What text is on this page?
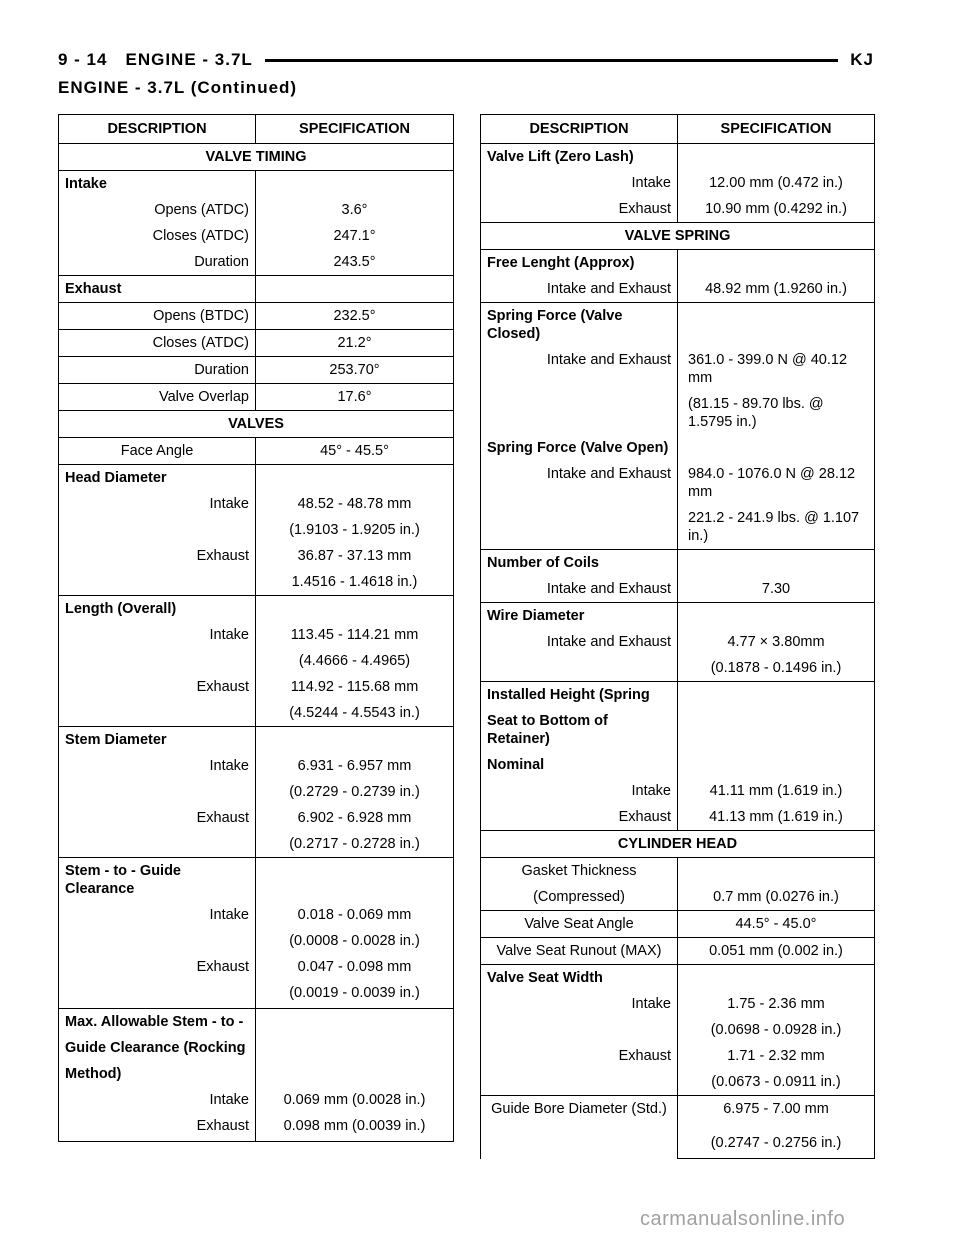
9 - 14 ENGINE - 3.7L	KJ
ENGINE - 3.7L (Continued)
DESCRIPTION	SPECIFICATION
VALVE TIMING	
Intake	
Opens (ATDC)	3.6°
Closes (ATDC)	247.1°
Duration	243.5°
Exhaust	
Opens (BTDC)	232.5°
Closes (ATDC)	21.2°
Duration	253.70°
Valve Overlap	17.6°
VALVES	
Face Angle	45° - 45.5°
Head Diameter	
Intake	48.52 - 48.78 mm
	(1.9103 - 1.9205 in.)
Exhaust	36.87 - 37.13 mm
	1.4516 - 1.4618 in.)
Length (Overall)	
Intake	113.45 - 114.21 mm
	(4.4666 - 4.4965)
Exhaust	114.92 - 115.68 mm
	(4.5244 - 4.5543 in.)
Stem Diameter	
Intake	6.931 - 6.957 mm
	(0.2729 - 0.2739 in.)
Exhaust	6.902 - 6.928 mm
	(0.2717 - 0.2728 in.)
Stem - to - Guide Clearance	
Intake	0.018 - 0.069 mm
	(0.0008 - 0.0028 in.)
Exhaust	0.047 - 0.098 mm
	(0.0019 - 0.0039 in.)
Max. Allowable Stem - to -	
Guide Clearance (Rocking	
Method)	
Intake	0.069 mm (0.0028 in.)
Exhaust	0.098 mm (0.0039 in.)
DESCRIPTION	SPECIFICATION
Valve Lift (Zero Lash)	
Intake	12.00 mm (0.472 in.)
Exhaust	10.90 mm (0.4292 in.)
VALVE SPRING	
Free Lenght (Approx)	
Intake and Exhaust	48.92 mm (1.9260 in.)
Spring Force (Valve Closed)	
Intake and Exhaust	361.0 - 399.0 N @ 40.12 mm
	(81.15 - 89.70 lbs. @ 1.5795 in.)
Spring Force (Valve Open)	
Intake and Exhaust	984.0 - 1076.0 N @ 28.12 mm
	221.2 - 241.9 lbs. @ 1.107 in.)
Number of Coils	
Intake and Exhaust	7.30
Wire Diameter	
Intake and Exhaust	4.77 × 3.80mm
	(0.1878 - 0.1496 in.)
Installed Height (Spring	
Seat to Bottom of Retainer)	
Nominal	
Intake	41.11 mm (1.619 in.)
Exhaust	41.13 mm (1.619 in.)
CYLINDER HEAD	
Gasket Thickness	
(Compressed)	0.7 mm (0.0276 in.)
Valve Seat Angle	44.5° - 45.0°
Valve Seat Runout (MAX)	0.051 mm (0.002 in.)
Valve Seat Width	
Intake	1.75 - 2.36 mm
	(0.0698 - 0.0928 in.)
Exhaust	1.71 - 2.32 mm
	(0.0673 - 0.0911 in.)
Guide Bore Diameter (Std.)	6.975 - 7.00 mm
	(0.2747 - 0.2756 in.)
carmanualsonline.info
